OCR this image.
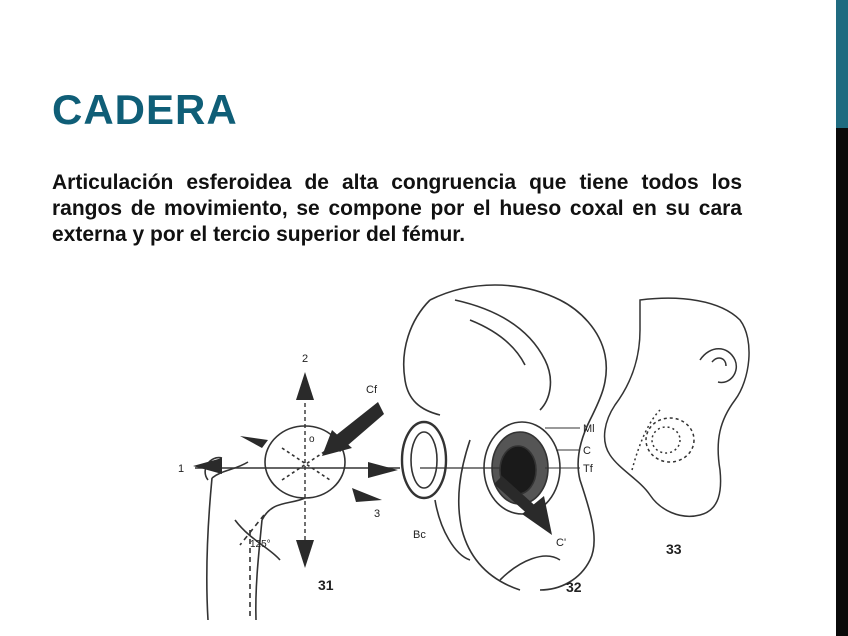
CADERA

Articulación esferoidea de alta congruencia que tiene todos los rangos de movimiento, se compone por el hueso coxal en su cara externa y por el tercio superior del fémur.

1
2
3
Cf
o
125°
Bc
Ml
C
Tf
C'
31	32
33
